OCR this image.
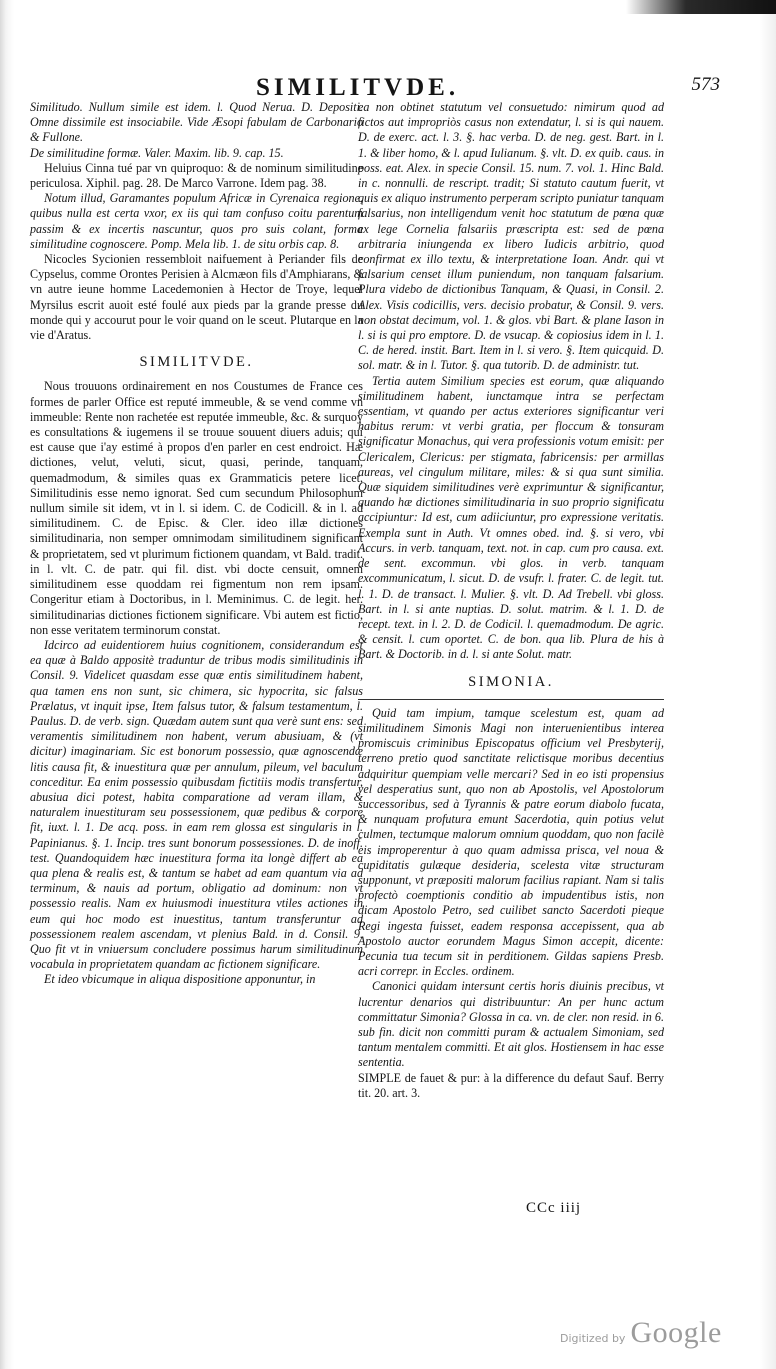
SIMILITVDE.	573

Similitudo. Nullum simile est idem. l. Quod Nerua. D. Depositi. Omne dissimile est insociabile. Vide Æsopi fabulam de Carbonario & Fullone.

De similitudine formæ. Valer. Maxim. lib. 9. cap. 15.

Heluius Cinna tué par vn quiproquo: & de nominum similitudine periculosa. Xiphil. pag. 28. De Marco Varrone. Idem pag. 38.

Notum illud, Garamantes populum Africæ in Cyrenaica regione, quibus nulla est certa vxor, ex iis qui tam confuso coitu parentum passim & ex incertis nascuntur, quos pro suis colant, forma similitudine cognoscere. Pomp. Mela lib. 1. de situ orbis cap. 8.

Nicocles Sycionien ressembloit naifuement à Periander fils de Cypselus, comme Orontes Perisien à Alcmæon fils d'Amphiarans, & vn autre ieune homme Lacedemonien à Hector de Troye, lequel Myrsilus escrit auoit esté foulé aux pieds par la grande presse du monde qui y accourut pour le voir quand on le sceut. Plutarque en la vie d'Aratus.

SIMILITVDE.

Nous trouuons ordinairement en nos Coustumes de France ces formes de parler Office est reputé immeuble, & se vend comme vn immeuble: Rente non rachetée est reputée immeuble, &c. & surquoy es consultations & iugemens il se trouue souuent diuers aduis; qui est cause que i'ay estimé à propos d'en parler en cest endroict. Hæ dictiones, velut, veluti, sicut, quasi, perinde, tanquam, quemadmodum, & similes quas ex Grammaticis petere licet, Similitudinis esse nemo ignorat. Sed cum secundum Philosophum nullum simile sit idem, vt in l. si idem. C. de Codicill. & in l. ad similitudinem. C. de Episc. & Cler. ideo illæ dictiones similitudinaria, non semper omnimodam similitudinem significant & proprietatem, sed vt plurimum fictionem quandam, vt Bald. tradit. in l. vlt. C. de patr. qui fil. dist. vbi docte censuit, omnem similitudinem esse quoddam rei figmentum non rem ipsam. Congeritur etiam à Doctoribus, in l. Meminimus. C. de legit. her. similitudinarias dictiones fictionem significare. Vbi autem est fictio, non esse veritatem terminorum constat.

Idcirco ad euidentiorem huius cognitionem, considerandum est ea quæ à Baldo appositè traduntur de tribus modis similitudinis in Consil. 9. Videlicet quasdam esse quæ entis similitudinem habent, qua tamen ens non sunt, sic chimera, sic hypocrita, sic falsus Prælatus, vt inquit ipse, Item falsus tutor, & falsum testamentum, l. Paulus. D. de verb. sign. Quædam autem sunt qua verè sunt ens: sed veramentis similitudinem non habent, verum abusiuam, & (vt dicitur) imaginariam. Sic est bonorum possessio, quæ agnoscendæ litis causa fit, & inuestitura quæ per annulum, pileum, vel baculum conceditur. Ea enim possessio quibusdam fictitiis modis transfertur, abusiua dici potest, habita comparatione ad veram illam, & naturalem inuestituram seu possessionem, quæ pedibus & corpore fit, iuxt. l. 1. De acq. poss. in eam rem glossa est singularis in l. Papinianus. §. 1. Incip. tres sunt bonorum possessiones. D. de inoff. test. Quandoquidem hæc inuestitura forma ita longè differt ab ea qua plena & realis est, & tantum se habet ad eam quantum via ad terminum, & nauis ad portum, obligatio ad dominum: non vt possessio realis. Nam ex huiusmodi inuestitura vtiles actiones in eum qui hoc modo est inuestitus, tantum transferuntur ad possessionem realem ascendam, vt plenius Bald. in d. Consil. 9. Quo fit vt in vniuersum concludere possimus harum similitudinum vocabula in proprietatem quandam ac fictionem significare.

Et ideo vbicumque in aliqua dispositione apponuntur, in

ea non obtinet statutum vel consuetudo: nimirum quod ad fictos aut impropriòs casus non extendatur, l. si is qui nauem. D. de exerc. act. l. 3. §. hac verba. D. de neg. gest. Bart. in l. 1. & liber homo, & l. apud Iulianum. §. vlt. D. ex quib. caus. in poss. eat. Alex. in specie Consil. 15. num. 7. vol. 1. Hinc Bald. in c. nonnulli. de rescript. tradit; Si statuto cautum fuerit, vt quis ex aliquo instrumento perperam scripto puniatur tanquam falsarius, non intelligendum venit hoc statutum de pœna quæ ex lege Cornelia falsariis præscripta est: sed de pœna arbitraria iniungenda ex libero Iudicis arbitrio, quod confirmat ex illo textu, & interpretatione Ioan. Andr. qui vt falsarium censet illum puniendum, non tanquam falsarium. Plura videbo de dictionibus Tanquam, & Quasi, in Consil. 2. Alex. Visis codicillis, vers. decisio probatur, & Consil. 9. vers. non obstat decimum, vol. 1. & glos. vbi Bart. & plane Iason in l. si is qui pro emptore. D. de vsucap. & copiosius idem in l. 1. C. de hered. instit. Bart. Item in l. si vero. §. Item quicquid. D. sol. matr. & in l. Tutor. §. qua tutorib. D. de administr. tut.

Tertia autem Similium species est eorum, quæ aliquando similitudinem habent, iunctamque intra se perfectam essentiam, vt quando per actus exteriores significantur veri habitus rerum: vt verbi gratia, per floccum & tonsuram significatur Monachus, qui vera professionis votum emisit: per Clericalem, Clericus: per stigmata, fabricensis: per armillas aureas, vel cingulum militare, miles: & si qua sunt similia. Quæ siquidem similitudines verè exprimuntur & significantur, quando hæ dictiones similitudinaria in suo proprio significatu accipiuntur: Id est, cum adiiciuntur, pro expressione veritatis. Exempla sunt in Auth. Vt omnes obed. ind. §. si vero, vbi Accurs. in verb. tanquam, text. not. in cap. cum pro causa. ext. de sent. excommun. vbi glos. in verb. tanquam excommunicatum, l. sicut. D. de vsufr. l. frater. C. de legit. tut. l. 1. D. de transact. l. Mulier. §. vlt. D. Ad Trebell. vbi gloss. Bart. in l. si ante nuptias. D. solut. matrim. & l. 1. D. de recept. text. in l. 2. D. de Codicil. l. quemadmodum. De agric. & censit. l. cum oportet. C. de bon. qua lib. Plura de his à Bart. & Doctorib. in d. l. si ante Solut. matr.

SIMONIA.

Quid tam impium, tamque scelestum est, quam ad similitudinem Simonis Magi non interuenientibus interea promiscuis criminibus Episcopatus officium vel Presbyterij, terreno pretio quod sanctitate relictisque moribus decentius adquiritur quempiam velle mercari? Sed in eo isti propensius vel desperatius sunt, quo non ab Apostolis, vel Apostolorum successoribus, sed à Tyrannis & patre eorum diabolo fucata, & nunquam profutura emunt Sacerdotia, quin potius velut culmen, tectumque malorum omnium quoddam, quo non facilè eis improperentur à quo quam admissa prisca, vel noua & cupiditatis gulæque desideria, scelesta vitæ structuram supponunt, vt præpositi malorum facilius rapiant. Nam si talis profectò coemptionis conditio ab impudentibus istis, non dicam Apostolo Petro, sed cuilibet sancto Sacerdoti pieque Regi ingesta fuisset, eadem responsa accepissent, qua ab Apostolo auctor eorundem Magus Simon accepit, dicente: Pecunia tua tecum sit in perditionem. Gildas sapiens Presb. acri correpr. in Eccles. ordinem.

Canonici quidam intersunt certis horis diuinis precibus, vt lucrentur denarios qui distribuuntur: An per hunc actum committatur Simonia? Glossa in ca. vn. de cler. non resid. in 6. sub fin. dicit non committi puram & actualem Simoniam, sed tantum mentalem committi. Et ait glos. Hostiensem in hac esse sententia.

SIMPLE de fauet & pur: à la difference du defaut Sauf. Berry tit. 20. art. 3.

CCc iiij
Digitized by Google
